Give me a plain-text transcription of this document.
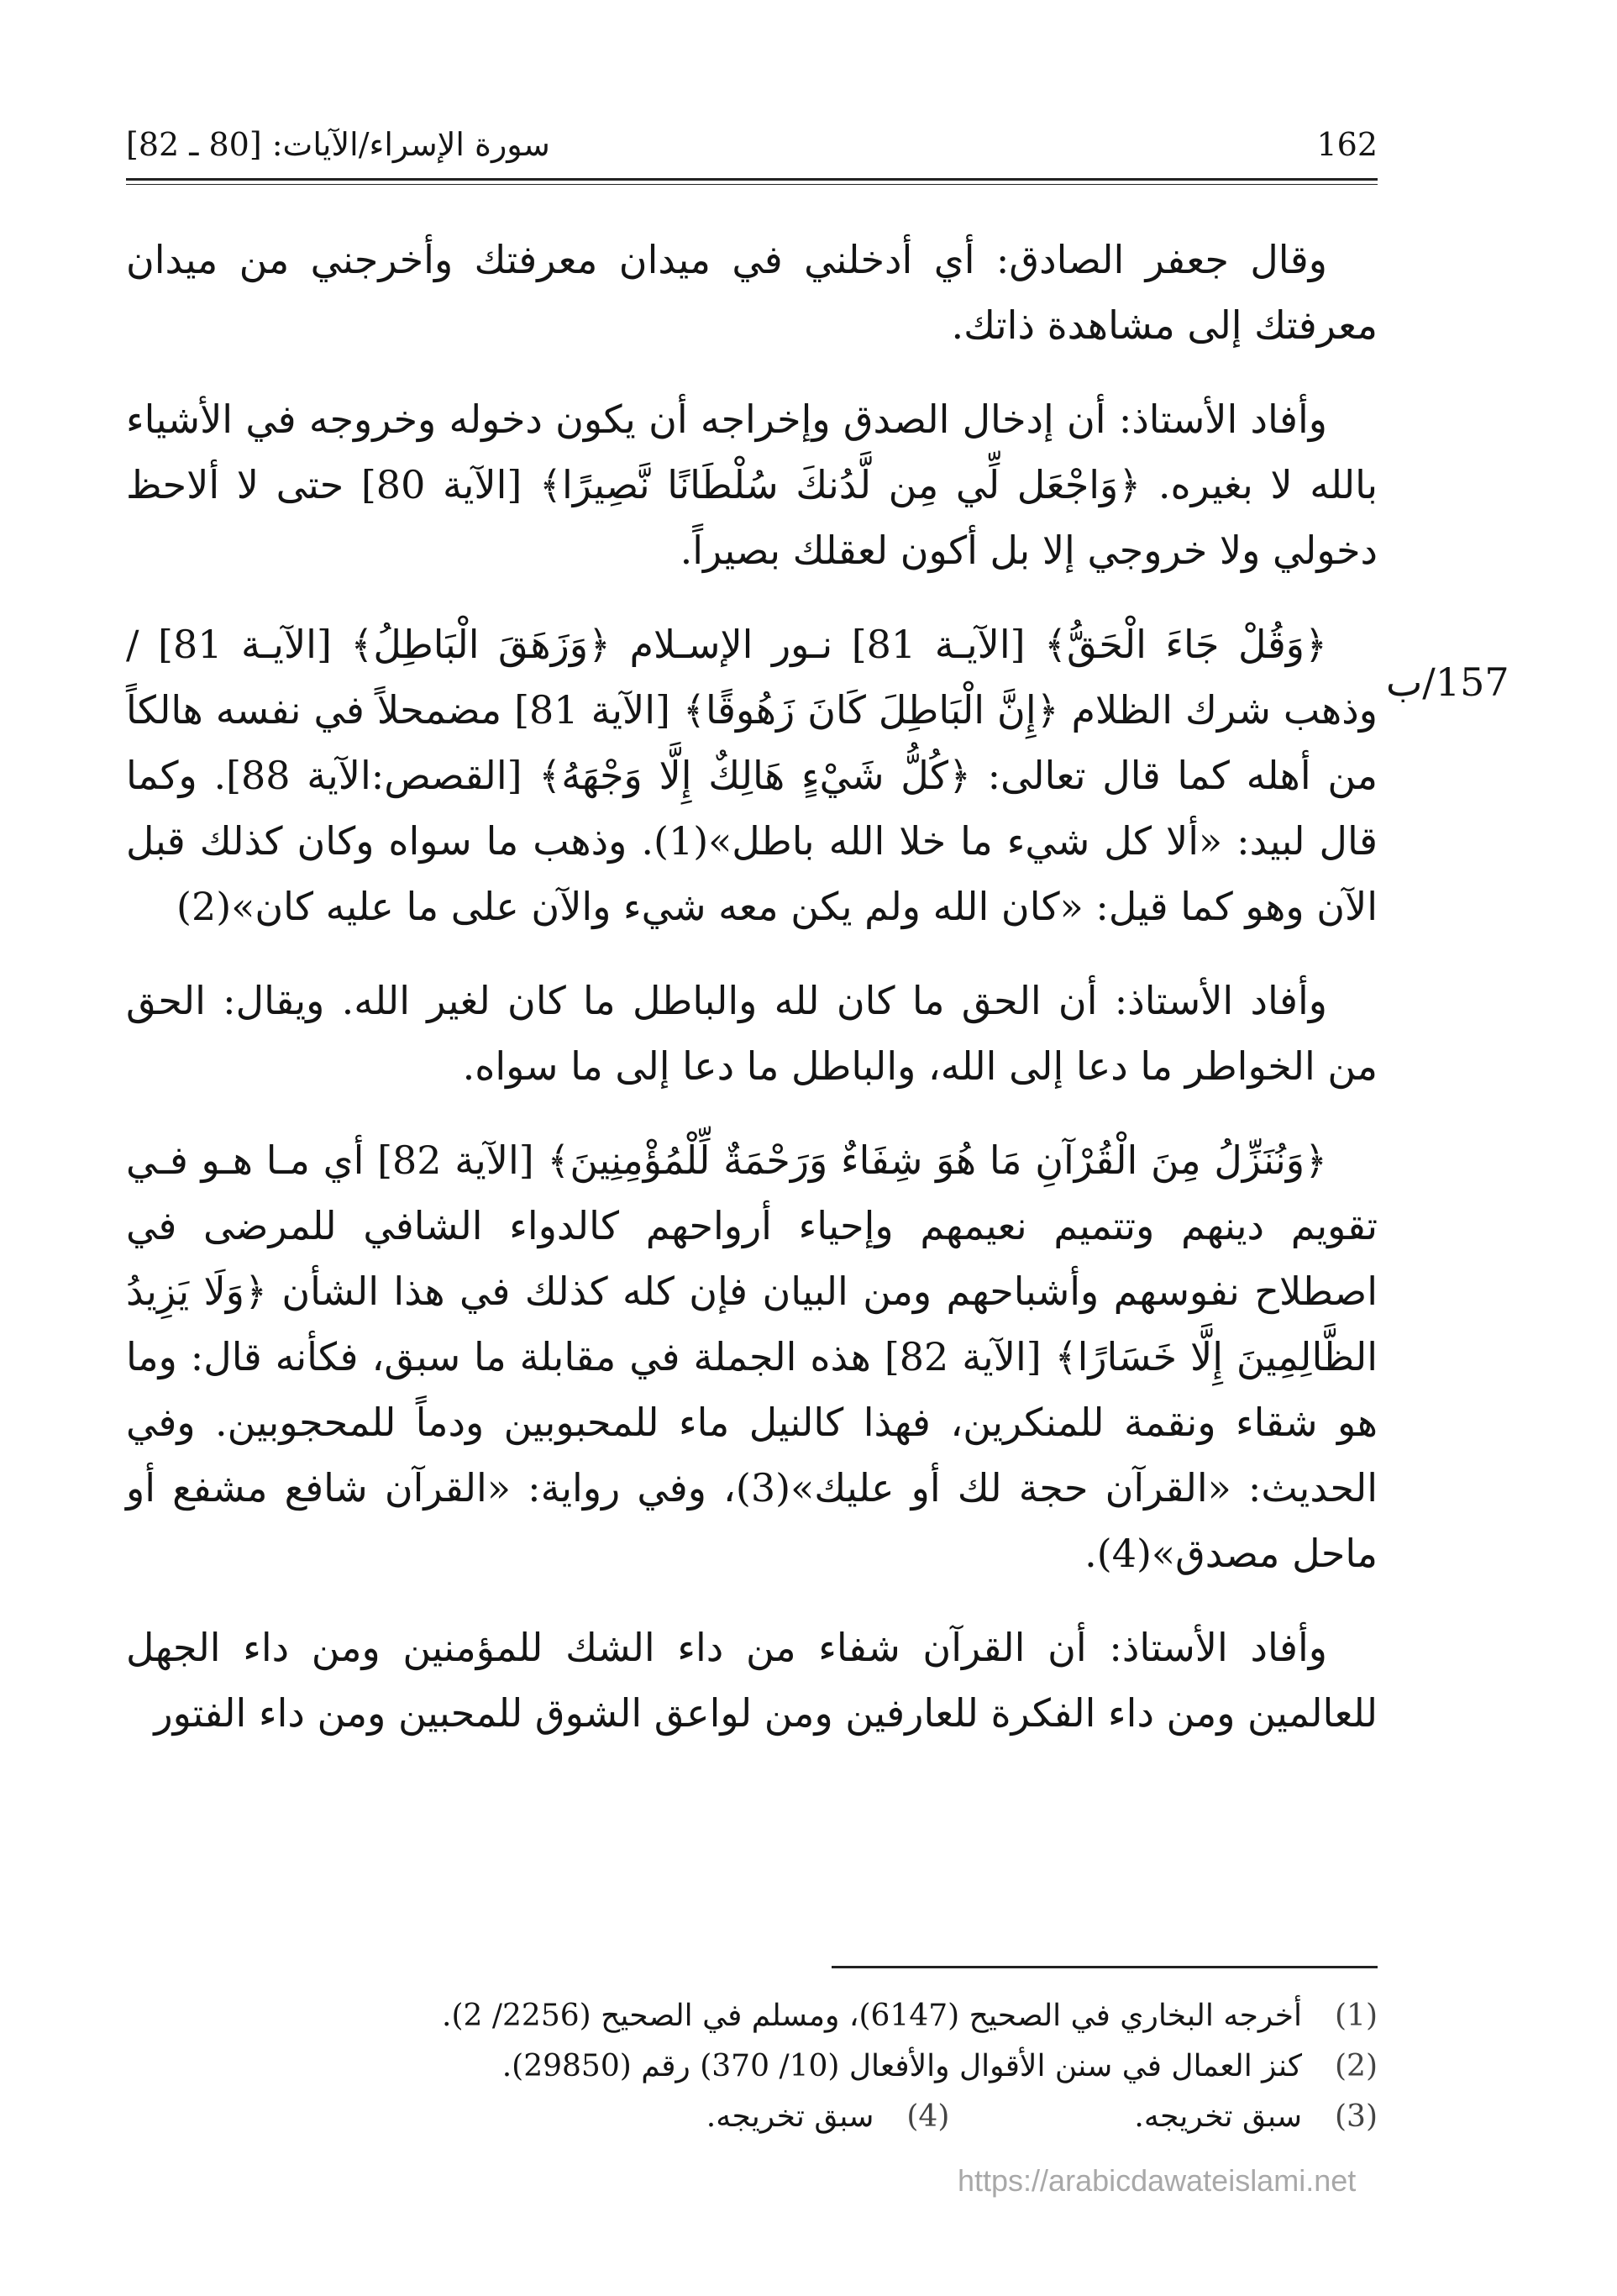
162
سورة الإسراء/الآيات: [80 ـ 82]
157/ب

وقال جعفر الصادق: أي أدخلني في ميدان معرفتك وأخرجني من ميدان معرفتك إلى مشاهدة ذاتك.

وأفاد الأستاذ: أن إدخال الصدق وإخراجه أن يكون دخوله وخروجه في الأشياء بالله لا بغيره. ﴿وَاجْعَل لِّي مِن لَّدُنكَ سُلْطَانًا نَّصِيرًا﴾ [الآية 80] حتى لا ألاحظ دخولي ولا خروجي إلا بل أكون لعقلك بصيراً.

﴿وَقُلْ جَاءَ الْحَقُّ﴾ [الآيـة 81] نـور الإسـلام ﴿وَزَهَقَ الْبَاطِلُ﴾ [الآيـة 81] / وذهب شرك الظلام ﴿إِنَّ الْبَاطِلَ كَانَ زَهُوقًا﴾ [الآية 81] مضمحلاً في نفسه هالكاً من أهله كما قال تعالى: ﴿كُلُّ شَيْءٍ هَالِكٌ إِلَّا وَجْهَهُ﴾ [القصص:الآية 88]. وكما قال لبيد: «ألا كل شيء ما خلا الله باطل»(1). وذهب ما سواه وكان كذلك قبل الآن وهو كما قيل: «كان الله ولم يكن معه شيء والآن على ما عليه كان»(2)

وأفاد الأستاذ: أن الحق ما كان لله والباطل ما كان لغير الله. ويقال: الحق من الخواطر ما دعا إلى الله، والباطل ما دعا إلى ما سواه.

﴿وَنُنَزِّلُ مِنَ الْقُرْآنِ مَا هُوَ شِفَاءٌ وَرَحْمَةٌ لِّلْمُؤْمِنِينَ﴾ [الآية 82] أي مـا هـو فـي تقويم دينهم وتتميم نعيمهم وإحياء أرواحهم كالدواء الشافي للمرضى في اصطلاح نفوسهم وأشباحهم ومن البيان فإن كله كذلك في هذا الشأن ﴿وَلَا يَزِيدُ الظَّالِمِينَ إِلَّا خَسَارًا﴾ [الآية 82] هذه الجملة في مقابلة ما سبق، فكأنه قال: وما هو شقاء ونقمة للمنكرين، فهذا كالنيل ماء للمحبوبين ودماً للمحجوبين. وفي الحديث: «القرآن حجة لك أو عليك»(3)، وفي رواية: «القرآن شافع مشفع أو ماحل مصدق»(4).

وأفاد الأستاذ: أن القرآن شفاء من داء الشك للمؤمنين ومن داء الجهل للعالمين ومن داء الفكرة للعارفين ومن لواعق الشوق للمحبين ومن داء الفتور

(1)
أخرجه البخاري في الصحيح (6147)، ومسلم في الصحيح (2256/ 2).
(2)
كنز العمال في سنن الأقوال والأفعال (10/ 370) رقم (29850).
(3)
سبق تخريجه.
(4)
سبق تخريجه.
https://arabicdawateislami.net
